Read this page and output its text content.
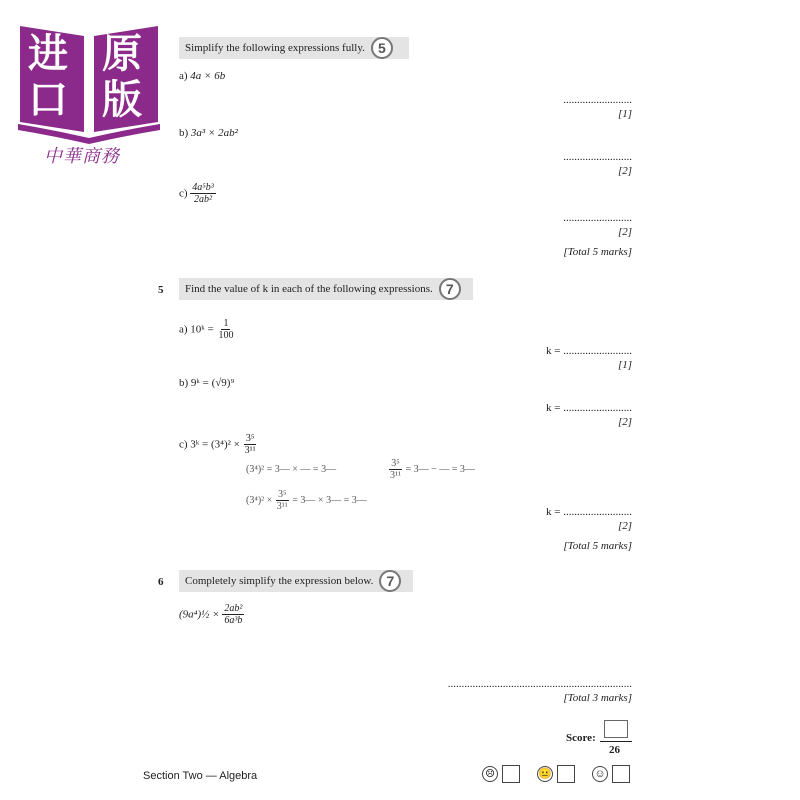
进 原
口 版
中華商務
Simplify the following expressions fully. 5
a) 4a × 6b
.........................
[1]
b) 3a³ × 2ab²
.........................
[2]
$c) \frac{\text{4a⁵b³}}{\text{2ab²}}$
.........................
[2]
[Total 5 marks]
5 Find the value of k in each of the following expressions. 7
a) 10ᵏ = $\frac{1}{100}$
k = .........................
[1]
b) 9ᵏ = (√9)⁹
k = .........................
[2]
c) 3ᵏ = $(3^4)^2 \times \frac{\text{3⁵}}{\text{3¹¹}}$
(3⁴)² = 3— × — = 3—	$\frac{\text{3⁵}}{\text{3¹¹}}$ = 3— − — = 3—
$(3^4)^2 \times \frac{\text{3⁵}}{\text{3¹¹}}$ = 3— × 3— = 3—
k = .........................
[2]
[Total 5 marks]
6 Completely simplify the expression below. 7
(9a⁴)½ × $\frac{\text{2ab²}}{\text{6a³b}}$
...................................................................
[Total 3 marks]
Score:
26
Section Two — Algebra	☹	😐	☺
